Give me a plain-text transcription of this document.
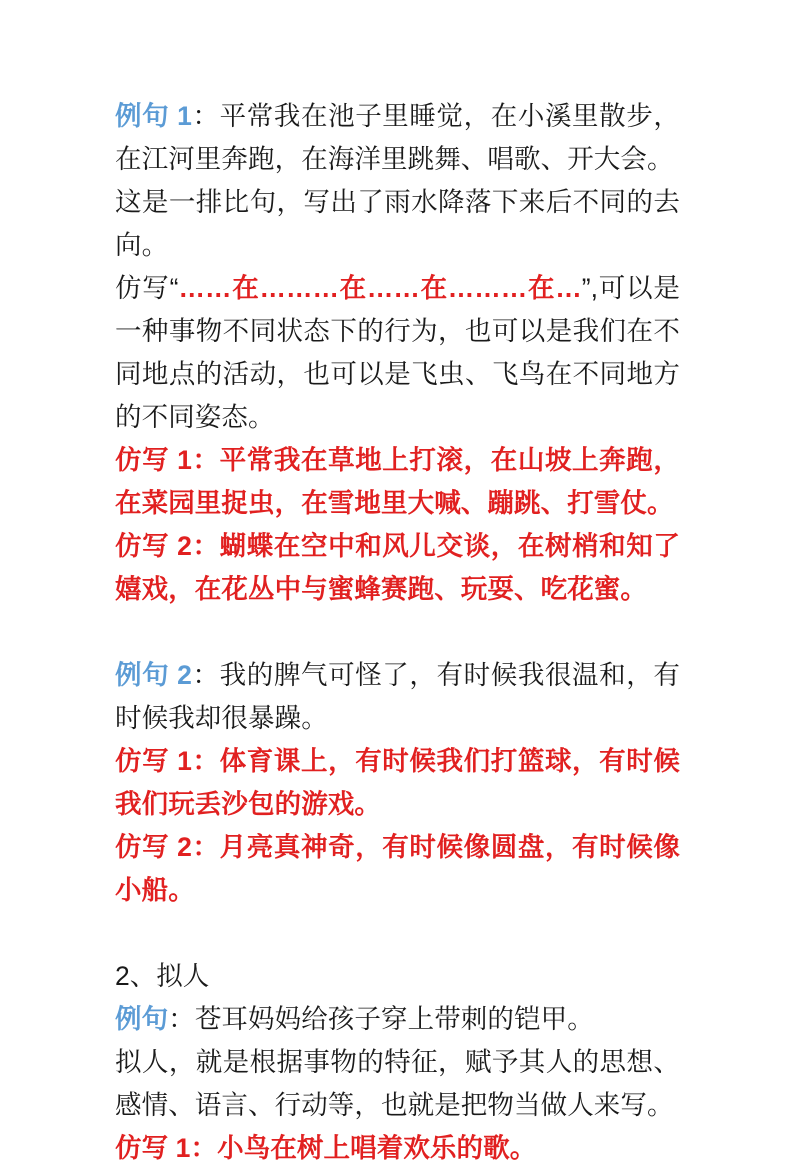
例句 1：平常我在池子里睡觉，在小溪里散步，在江河里奔跑，在海洋里跳舞、唱歌、开大会。

这是一排比句，写出了雨水降落下来后不同的去向。

仿写“……在………在……在………在…”,可以是一种事物不同状态下的行为，也可以是我们在不同地点的活动，也可以是飞虫、飞鸟在不同地方的不同姿态。

仿写 1：平常我在草地上打滚，在山坡上奔跑，在菜园里捉虫，在雪地里大喊、蹦跳、打雪仗。

仿写 2：蝴蝶在空中和风儿交谈，在树梢和知了嬉戏，在花丛中与蜜蜂赛跑、玩耍、吃花蜜。

例句 2：我的脾气可怪了，有时候我很温和，有时候我却很暴躁。

仿写 1：体育课上，有时候我们打篮球，有时候我们玩丢沙包的游戏。

仿写 2：月亮真神奇，有时候像圆盘，有时候像小船。

2、拟人

例句：苍耳妈妈给孩子穿上带刺的铠甲。

拟人，就是根据事物的特征，赋予其人的思想、感情、语言、行动等，也就是把物当做人来写。

仿写 1：小鸟在树上唱着欢乐的歌。
